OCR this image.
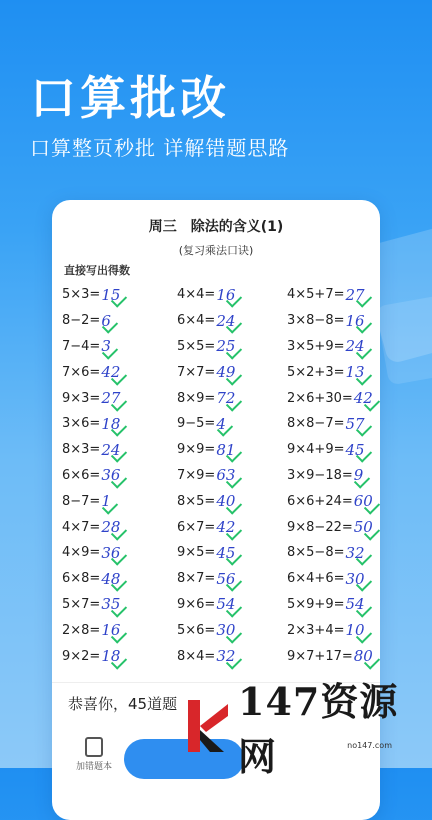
口算批改
口算整页秒批 详解错题思路
周三　除法的含义(1)
(复习乘法口诀)
直接写出得数
5×3= 15	4×4= 16	4×5+7= 27
8−2= 6	6×4= 24	3×8−8= 16
7−4= 3	5×5= 25	3×5+9= 24
7×6= 42	7×7= 49	5×2+3= 13
9×3= 27	8×9= 72	2×6+30= 42
3×6= 18	9−5= 4	8×8−7= 57
8×3= 24	9×9= 81	9×4+9= 45
6×6= 36	7×9= 63	3×9−18= 9
8−7= 1	8×5= 40	6×6+24= 60
4×7= 28	6×7= 42	9×8−22= 50
4×9= 36	9×5= 45	8×5−8= 32
6×8= 48	8×7= 56	6×4+6= 30
5×7= 35	9×6= 54	5×9+9= 54
2×8= 16	5×6= 30	2×3+4= 10
9×2= 18	8×4= 32	9×7+17= 80
恭喜你，45道题
加错题本
147资源网	no147.com
